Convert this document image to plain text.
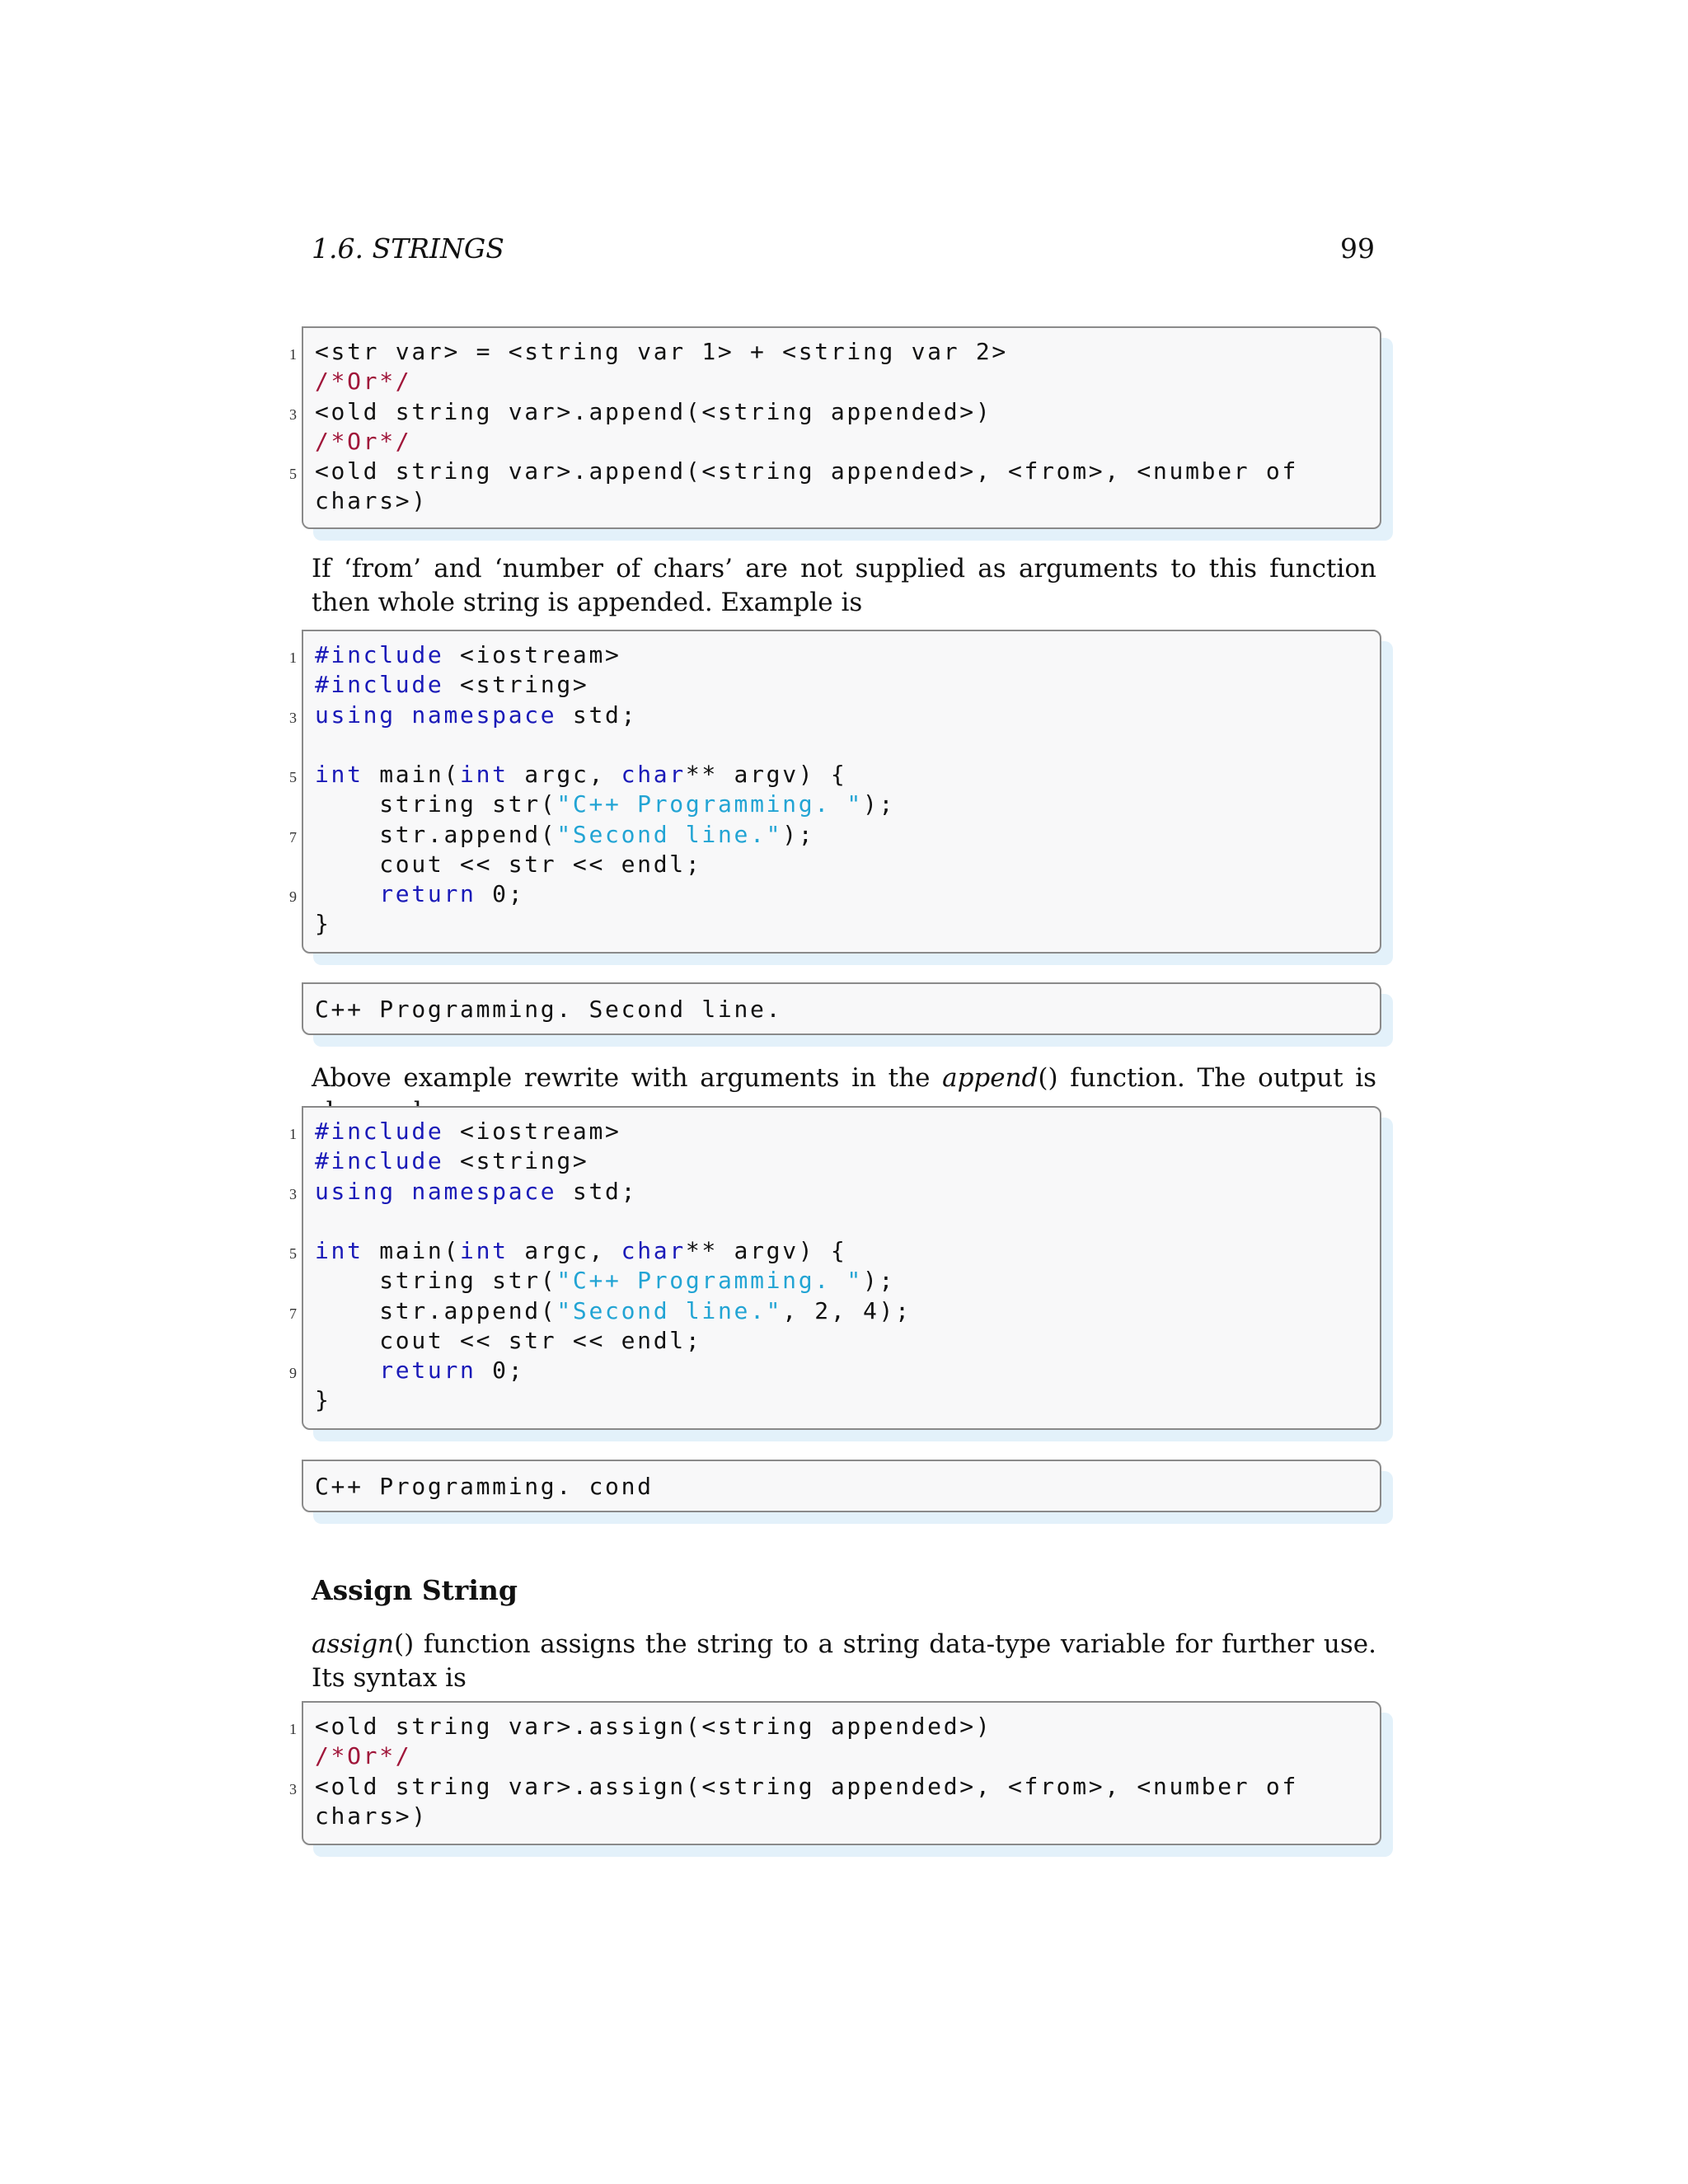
1.6. STRINGS	99
1 <str var> = <string var 1> + <string var 2>
/*Or*/
3 <old string var>.append(<string appended>)
/*Or*/
5 <old string var>.append(<string appended>, <from>, <number of
chars>)
If ‘from’ and ‘number of chars’ are not supplied as arguments to this function then whole string is appended. Example is
1 #include <iostream>
#include <string>
3 using namespace std;
5 int main(int argc, char** argv) {
string str("C++ Programming. ");
7 str.append("Second line.");
cout << str << endl;
9	return 0;
}
C++ Programming. Second line.
Above example rewrite with arguments in the append() function. The output is
1 #include <iostream>
#include <string>
3 using namespace std;
5 int main(int argc, char** argv) {
string str("C++ Programming. ");
7 str.append("Second line.", 2, 4);
cout << str << endl;
9	return 0;
}
C++ Programming. cond
Assign String
assign() function assigns the string to a string data-type variable for further use. Its syntax is
1 <old string var>.assign(<string appended>)
/*Or*/
3 <old string var>.assign(<string appended>, <from>, <number of
chars>)
